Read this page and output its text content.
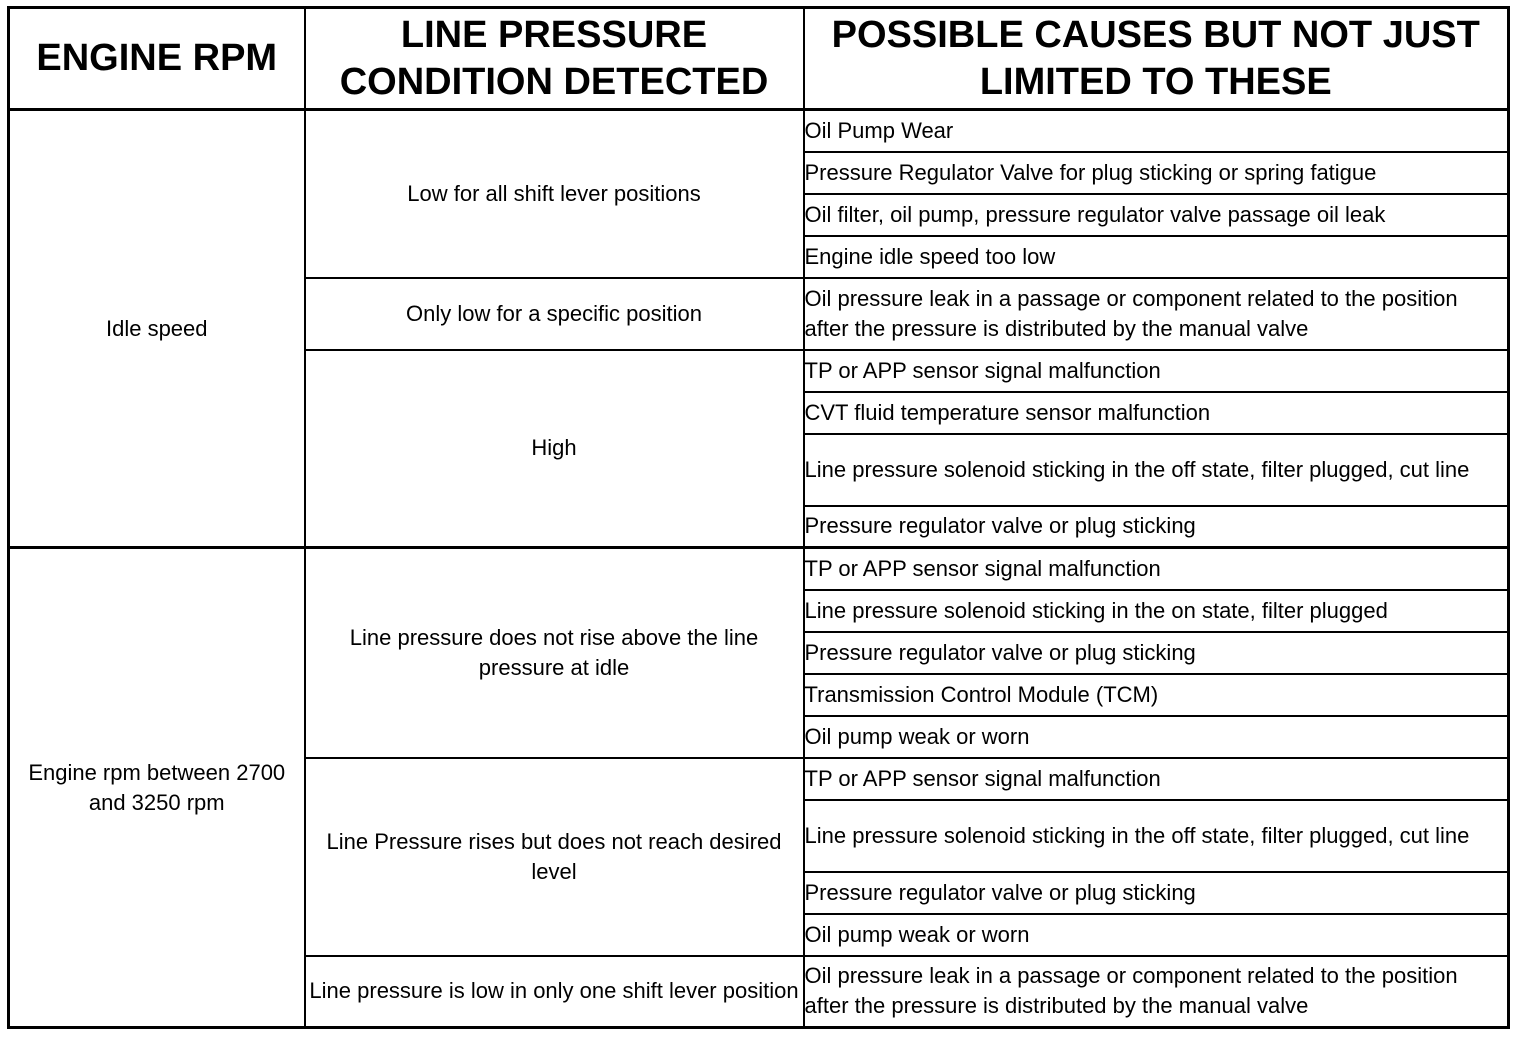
ENGINE RPM	LINE PRESSURE CONDITION DETECTED	POSSIBLE CAUSES BUT NOT JUST LIMITED TO THESE
Idle speed	Low for all shift lever positions	Oil Pump Wear
		Pressure Regulator Valve for plug sticking or spring fatigue
		Oil filter, oil pump, pressure regulator valve passage oil leak
		Engine idle speed too low
	Only low for a specific position	Oil pressure leak in a passage or component related to the position after the pressure is distributed by the manual valve
	High	TP or APP sensor signal malfunction
		CVT fluid temperature sensor malfunction
		Line pressure solenoid sticking in the off state, filter plugged, cut line
		Pressure regulator valve or plug sticking
Engine rpm between 2700 and 3250 rpm	Line pressure does not rise above the line pressure at idle	TP or APP sensor signal malfunction
		Line pressure solenoid sticking in the on state, filter plugged
		Pressure regulator valve or plug sticking
		Transmission Control Module (TCM)
		Oil pump weak or worn
	Line Pressure rises but does not reach desired level	TP or APP sensor signal malfunction
		Line pressure solenoid sticking in the off state, filter plugged, cut line
		Pressure regulator valve or plug sticking
		Oil pump weak or worn
	Line pressure is low in only one shift lever position	Oil pressure leak in a passage or component related to the position after the pressure is distributed by the manual valve
